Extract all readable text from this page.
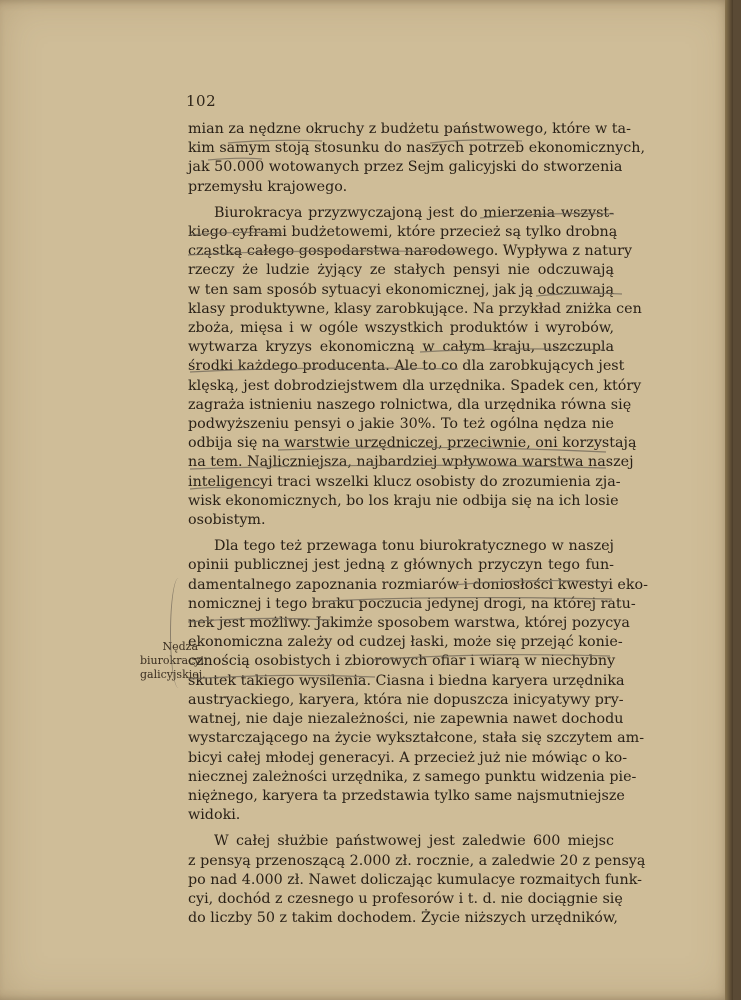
102
mian za nędzne okruchy z budżetu państwowego, które w ta-
kim samym stoją stosunku do naszych potrzeb ekonomicznych,
jak 50.000 wotowanych przez Sejm galicyjski do stworzenia
przemysłu krajowego.
Biurokracya przyzwyczajoną jest do mierzenia wszyst-
kiego cyframi budżetowemi, które przecież są tylko drobną
cząstką całego gospodarstwa narodowego. Wypływa z natury
rzeczy że ludzie żyjący ze stałych pensyi nie odczuwają
w ten sam sposób sytuacyi ekonomicznej, jak ją odczuwają
klasy produktywne, klasy zarobkujące. Na przykład zniżka cen
zboża, mięsa i w ogóle wszystkich produktów i wyrobów,
wytwarza kryzys ekonomiczną w całym kraju, uszczupla
środki każdego producenta. Ale to co dla zarobkujących jest
klęską, jest dobrodziejstwem dla urzędnika. Spadek cen, który
zagraża istnieniu naszego rolnictwa, dla urzędnika równa się
podwyższeniu pensyi o jakie 30%. To też ogólna nędza nie
odbija się na warstwie urzędniczej, przeciwnie, oni korzystają
na tem. Najliczniejsza, najbardziej wpływowa warstwa naszej
inteligencyi traci wszelki klucz osobisty do zrozumienia zja-
wisk ekonomicznych, bo los kraju nie odbija się na ich losie
osobistym.
Dla tego też przewaga tonu biurokratycznego w naszej
opinii publicznej jest jedną z głównych przyczyn tego fun-
damentalnego zapoznania rozmiarów i doniosłości kwestyi eko-
nomicznej i tego braku poczucia jedynej drogi, na której ratu-
nek jest możliwy. Jakimże sposobem warstwa, której pozycya
ekonomiczna zależy od cudzej łaski, może się przejąć konie-
cznością osobistych i zbiorowych ofiar i wiarą w niechybny
skutek takiego wysilenia. Ciasna i biedna karyera urzędnika
austryackiego, karyera, która nie dopuszcza inicyatywy pry-
watnej, nie daje niezależności, nie zapewnia nawet dochodu
wystarczającego na życie wykształcone, stała się szczytem am-
bicyi całej młodej generacyi. A przecież już nie mówiąc o ko-
niecznej zależności urzędnika, z samego punktu widzenia pie-
niężnego, karyera ta przedstawia tylko same najsmutniejsze
widoki.
W całej służbie państwowej jest zaledwie 600 miejsc
z pensyą przenoszącą 2.000 zł. rocznie, a zaledwie 20 z pensyą
po nad 4.000 zł. Nawet doliczając kumulacye rozmaitych funk-
cyi, dochód z czesnego u profesorów i t. d. nie dociągnie się
do liczby 50 z takim dochodem. Życie niższych urzędników,
Nędza
biurokracyi
galicyjskiej.
